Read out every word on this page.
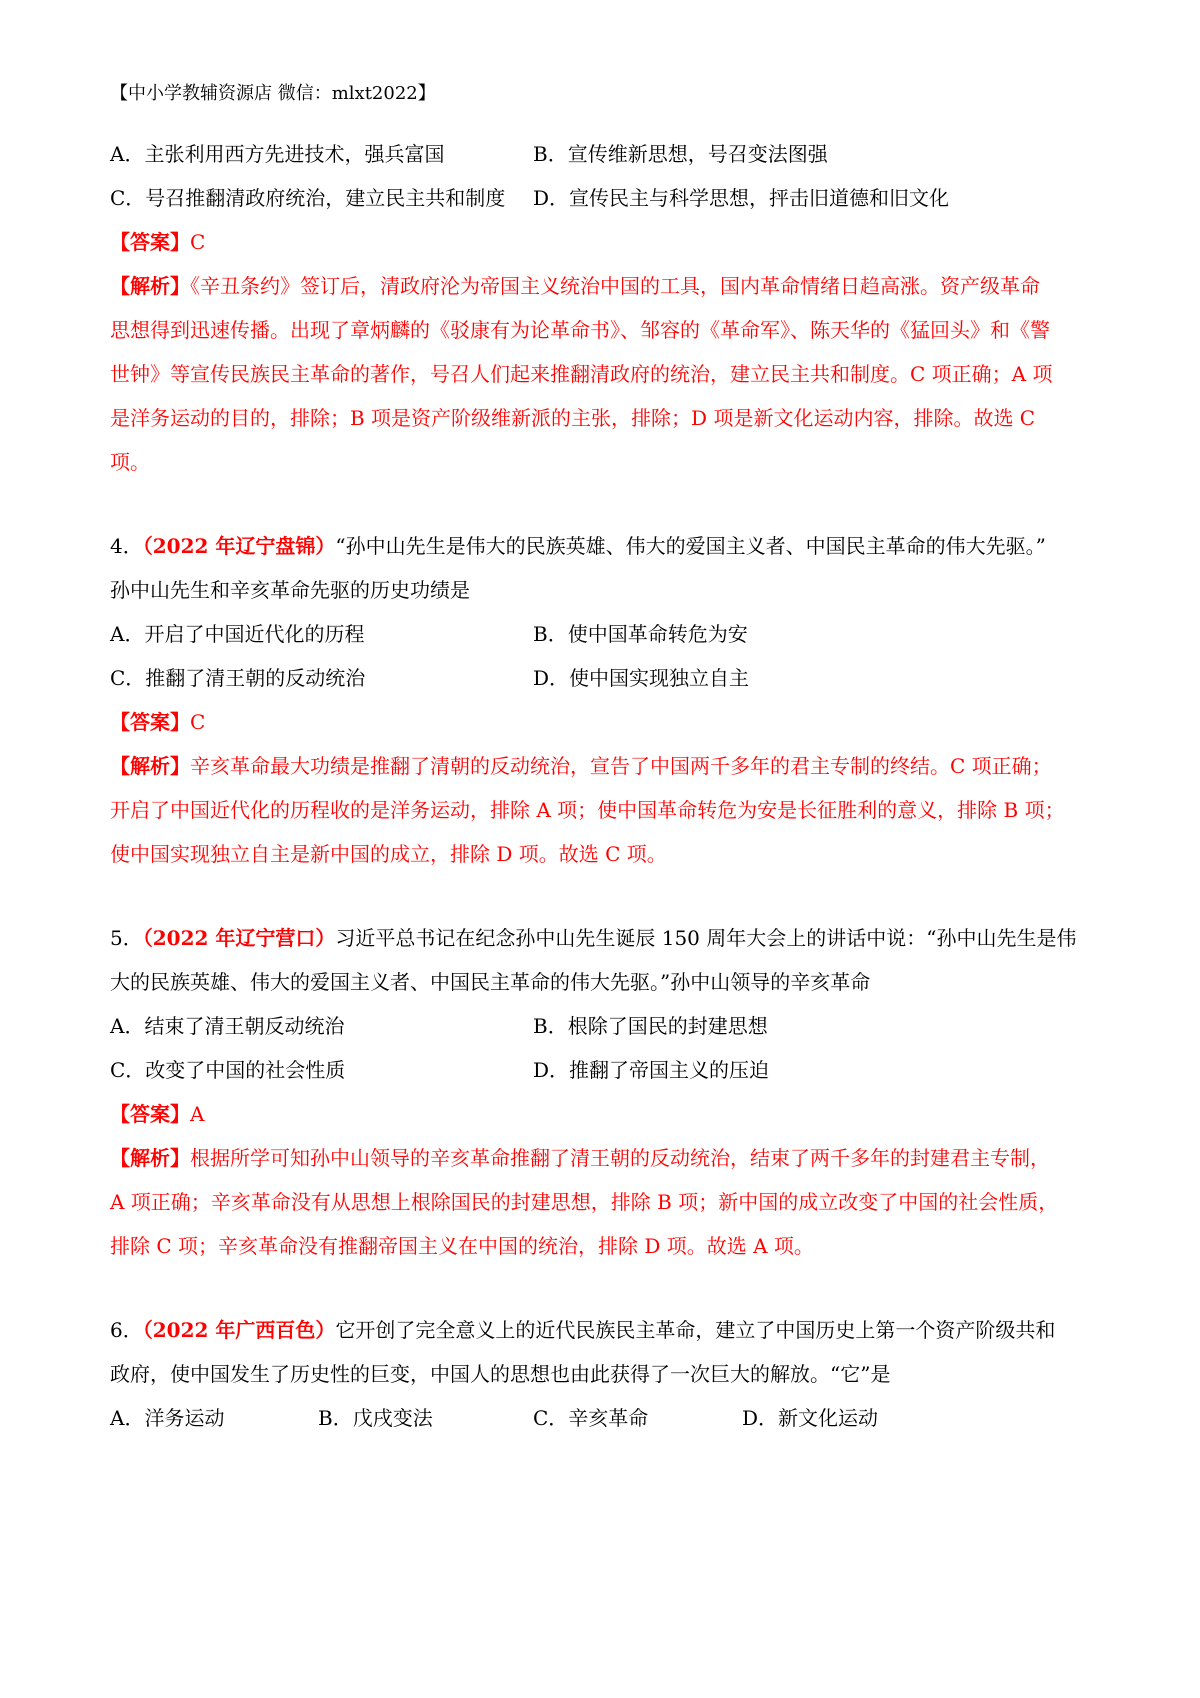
【中小学教辅资源店 微信：mlxt2022】
A．主张利用西方先进技术，强兵富国	B．宣传维新思想，号召变法图强
C．号召推翻清政府统治，建立民主共和制度 D．宣传民主与科学思想，抨击旧道德和旧文化
【答案】C
【解析】《辛丑条约》签订后，清政府沦为帝国主义统治中国的工具，国内革命情绪日趋高涨。资产级革命
思想得到迅速传播。出现了章炳麟的《驳康有为论革命书》、邹容的《革命军》、陈天华的《猛回头》和《警
世钟》等宣传民族民主革命的著作，号召人们起来推翻清政府的统治，建立民主共和制度。C 项正确；A 项
是洋务运动的目的，排除；B 项是资产阶级维新派的主张，排除；D 项是新文化运动内容，排除。故选 C
项。
4．（2022 年辽宁盘锦）“孙中山先生是伟大的民族英雄、伟大的爱国主义者、中国民主革命的伟大先驱。”
孙中山先生和辛亥革命先驱的历史功绩是
A．开启了中国近代化的历程	B．使中国革命转危为安
C．推翻了清王朝的反动统治	D．使中国实现独立自主
【答案】C
【解析】辛亥革命最大功绩是推翻了清朝的反动统治，宣告了中国两千多年的君主专制的终结。C 项正确；
开启了中国近代化的历程收的是洋务运动，排除 A 项；使中国革命转危为安是长征胜利的意义，排除 B 项；
使中国实现独立自主是新中国的成立，排除 D 项。故选 C 项。
5．（2022 年辽宁营口）习近平总书记在纪念孙中山先生诞辰 150 周年大会上的讲话中说：“孙中山先生是伟
大的民族英雄、伟大的爱国主义者、中国民主革命的伟大先驱。”孙中山领导的辛亥革命
A．结束了清王朝反动统治	B．根除了国民的封建思想
C．改变了中国的社会性质	D．推翻了帝国主义的压迫
【答案】A
【解析】根据所学可知孙中山领导的辛亥革命推翻了清王朝的反动统治，结束了两千多年的封建君主专制，
A 项正确；辛亥革命没有从思想上根除国民的封建思想，排除 B 项；新中国的成立改变了中国的社会性质，
排除 C 项；辛亥革命没有推翻帝国主义在中国的统治，排除 D 项。故选 A 项。
6．（2022 年广西百色）它开创了完全意义上的近代民族民主革命，建立了中国历史上第一个资产阶级共和
政府，使中国发生了历史性的巨变，中国人的思想也由此获得了一次巨大的解放。“它”是
A．洋务运动	B．戊戌变法	C．辛亥革命	D．新文化运动
